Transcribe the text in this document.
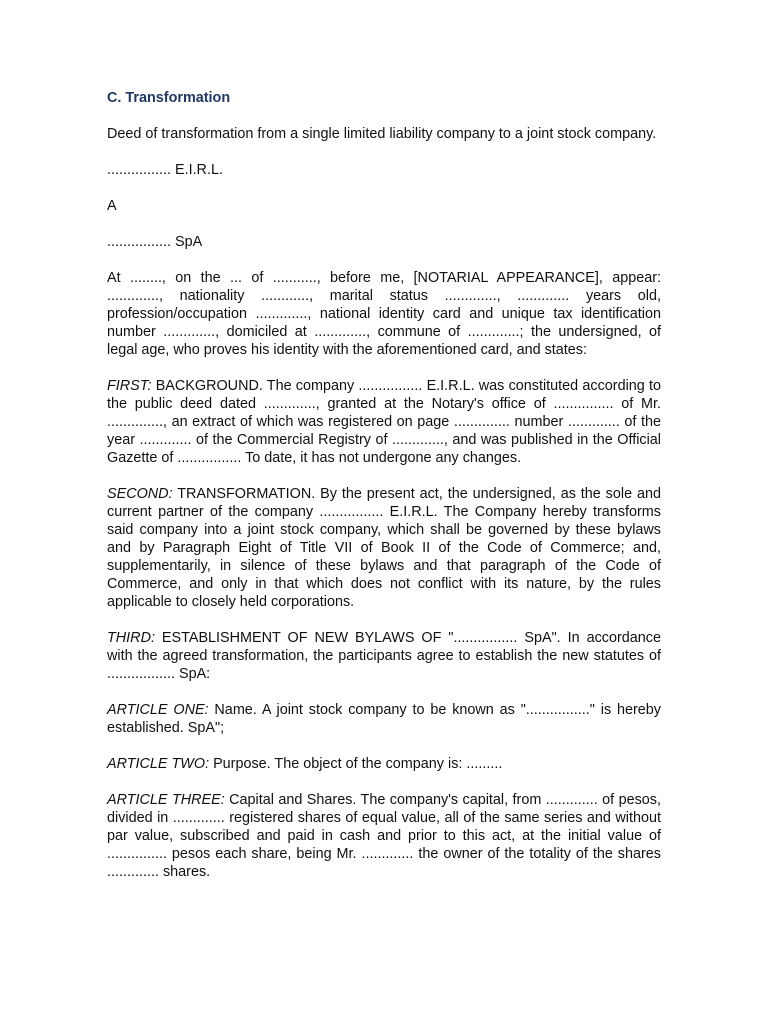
C. Transformation

Deed of transformation from a single limited liability company to a joint stock company.

................ E.I.R.L.

A

................ SpA

At ........, on the ... of ..........., before me, [NOTARIAL APPEARANCE], appear: ............., nationality ............, marital status ............., ............. years old, profession/occupation ............., national identity card and unique tax identification number ............., domiciled at ............., commune of .............; the undersigned, of legal age, who proves his identity with the aforementioned card, and states:

FIRST: BACKGROUND. The company ................ E.I.R.L. was constituted according to the public deed dated ............., granted at the Notary's office of ............... of Mr. .............., an extract of which was registered on page .............. number ............. of the year ............. of the Commercial Registry of ............., and was published in the Official Gazette of ................ To date, it has not undergone any changes.

SECOND: TRANSFORMATION. By the present act, the undersigned, as the sole and current partner of the company ................ E.I.R.L. The Company hereby transforms said company into a joint stock company, which shall be governed by these bylaws and by Paragraph Eight of Title VII of Book II of the Code of Commerce; and, supplementarily, in silence of these bylaws and that paragraph of the Code of Commerce, and only in that which does not conflict with its nature, by the rules applicable to closely held corporations.

THIRD: ESTABLISHMENT OF NEW BYLAWS OF "................ SpA". In accordance with the agreed transformation, the participants agree to establish the new statutes of ................. SpA:

ARTICLE ONE: Name. A joint stock company to be known as "................" is hereby established. SpA";

ARTICLE TWO: Purpose. The object of the company is: .........

ARTICLE THREE: Capital and Shares. The company's capital, from ............. of pesos, divided in ............. registered shares of equal value, all of the same series and without par value, subscribed and paid in cash and prior to this act, at the initial value of ............... pesos each share, being Mr. ............. the owner of the totality of the shares ............. shares.
